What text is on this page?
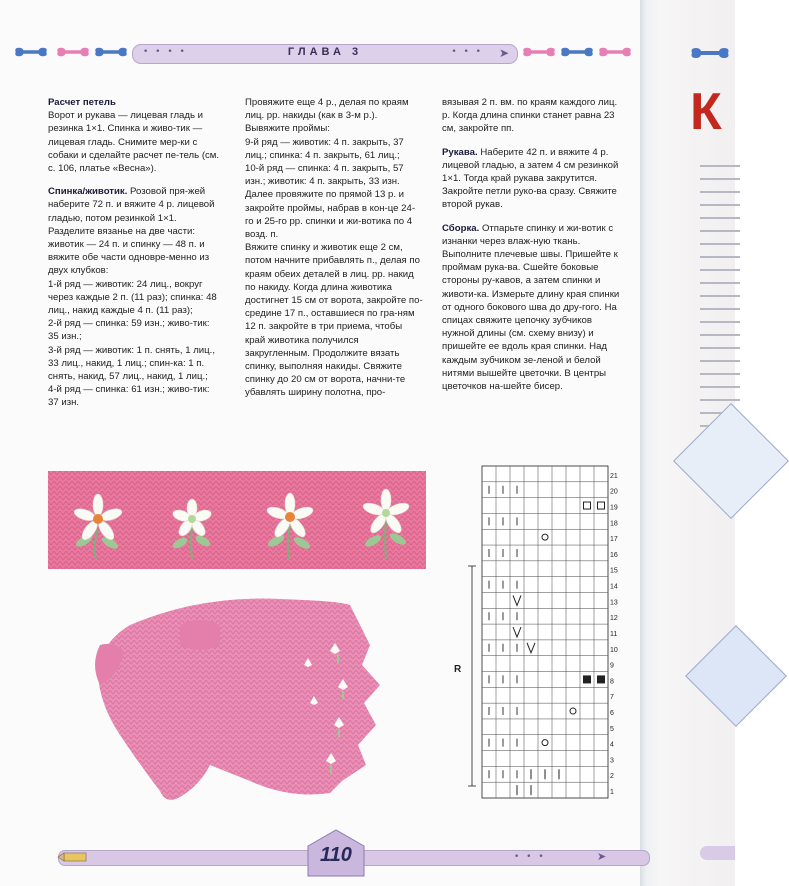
К
• • • •	ГЛАВА 3	• • • ➤

Расчет петель

Ворот и рукава — лицевая гладь и резинка 1×1. Спинка и живо-тик — лицевая гладь. Снимите мер-ки с собаки и сделайте расчет пе-тель (см. с. 106, платье «Весна»).

Спинка/животик. Розовой пря-жей наберите 72 п. и вяжите 4 р. лицевой гладью, потом резинкой 1×1. Разделите вязанье на две части: животик — 24 п. и спинку — 48 п. и вяжите обе части одновре-менно из двух клубков:

1-й ряд — животик: 24 лиц., вокруг через каждые 2 п. (11 раз); спинка: 48 лиц., накид каждые 4 п. (11 раз);

2-й ряд — спинка: 59 изн.; живо-тик: 35 изн.;

3-й ряд — животик: 1 п. снять, 1 лиц., 33 лиц., накид, 1 лиц.; спин-ка: 1 п. снять, накид, 57 лиц., накид, 1 лиц.;

4-й ряд — спинка: 61 изн.; живо-тик: 37 изн.

Провяжите еще 4 р., делая по краям лиц. рр. накиды (как в 3-м р.). Вывяжите проймы:

9-й ряд — животик: 4 п. закрыть, 37 лиц.; спинка: 4 п. закрыть, 61 лиц.;

10-й ряд — спинка: 4 п. закрыть, 57 изн.; животик: 4 п. закрыть, 33 изн.

Далее провяжите по прямой 13 р. и закройте проймы, набрав в кон-це 24-го и 25-го рр. спинки и жи-вотика по 4 возд. п.

Вяжите спинку и животик еще 2 см, потом начните прибавлять п., делая по краям обеих деталей в лиц. рр. накид по накиду. Когда длина животика достигнет 15 см от ворота, закройте по-средине 17 п., оставшиеся по гра-ням 12 п. закройте в три приема, чтобы край животика получился закругленным. Продолжите вязать спинку, выполняя накиды. Свяжите спинку до 20 см от ворота, начни-те убавлять ширину полотна, про-

вязывая 2 п. вм. по краям каждого лиц. р. Когда длина спинки станет равна 23 см, закройте пп.

Рукава. Наберите 42 п. и вяжите 4 р. лицевой гладью, а затем 4 см резинкой 1×1. Тогда край рукава закрутится. Закройте петли руко-ва сразу. Свяжите второй рукав.

Сборка. Отпарьте спинку и жи-вотик с изнанки через влаж-ную ткань. Выполните плечевые швы. Пришейте к проймам рука-ва. Сшейте боковые стороны ру-кавов, а затем спинки и животи-ка. Измерьте длину края спинки от одного бокового шва до дру-гого. На спицах свяжите цепочку зубчиков нужной длины (см. схему внизу) и пришейте ее вдоль края спинки. Над каждым зубчиком зе-леной и белой нитями вышейте цветочки. В центры цветочков на-шейте бисер.

21
20
19
18
17
16
15
14
13
12
11
10
9
8
7
6
5
4
3
2
1
R
• • •	➤
110
